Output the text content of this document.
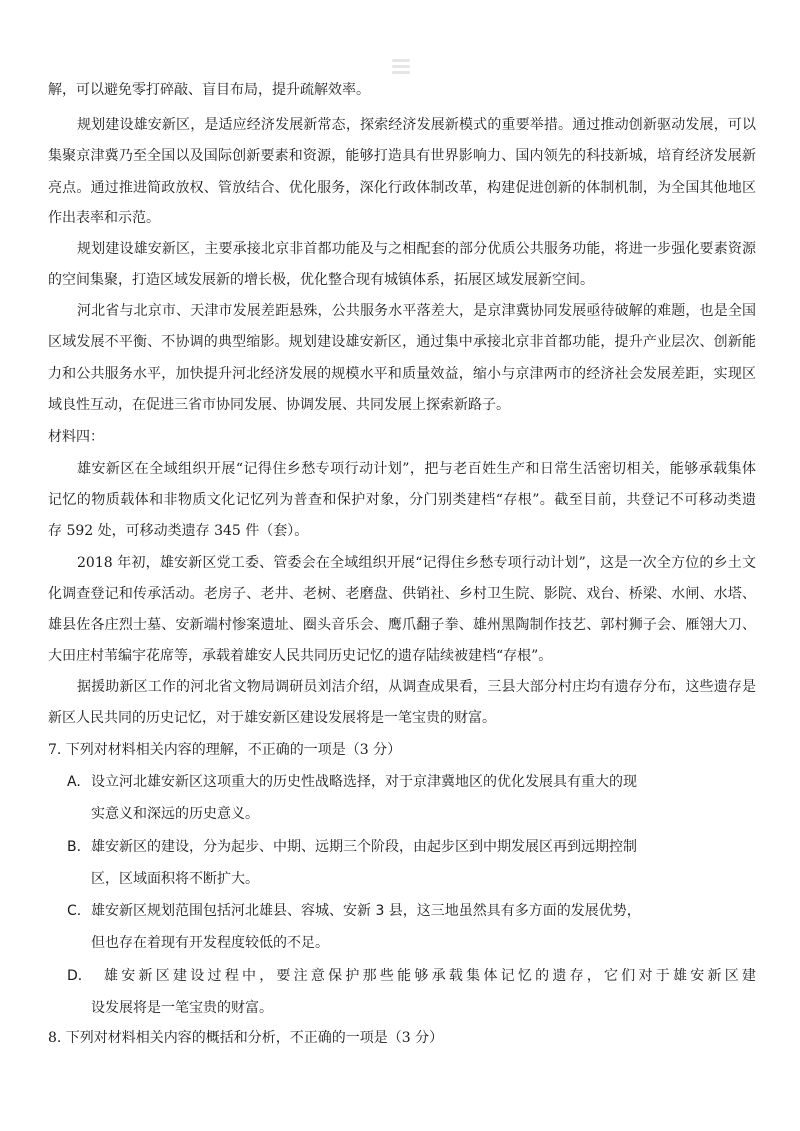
解，可以避免零打碎敲、盲目布局，提升疏解效率。
规划建设雄安新区，是适应经济发展新常态，探索经济发展新模式的重要举措。通过推动创新驱动发展，可以
集聚京津冀乃至全国以及国际创新要素和资源，能够打造具有世界影响力、国内领先的科技新城，培育经济发展新
亮点。通过推进简政放权、管放结合、优化服务，深化行政体制改革，构建促进创新的体制机制，为全国其他地区
作出表率和示范。
规划建设雄安新区，主要承接北京非首都功能及与之相配套的部分优质公共服务功能，将进一步强化要素资源
的空间集聚，打造区域发展新的增长极，优化整合现有城镇体系，拓展区域发展新空间。
河北省与北京市、天津市发展差距悬殊，公共服务水平落差大，是京津冀协同发展亟待破解的难题，也是全国
区域发展不平衡、不协调的典型缩影。规划建设雄安新区，通过集中承接北京非首都功能，提升产业层次、创新能
力和公共服务水平，加快提升河北经济发展的规模水平和质量效益，缩小与京津两市的经济社会发展差距，实现区
域良性互动，在促进三省市协同发展、协调发展、共同发展上探索新路子。
材料四：
雄安新区在全域组织开展“记得住乡愁专项行动计划”，把与老百姓生产和日常生活密切相关，能够承载集体
记忆的物质载体和非物质文化记忆列为普查和保护对象，分门别类建档“存根”。截至目前，共登记不可移动类遗
存 592 处，可移动类遗存 345 件（套）。
2018 年初，雄安新区党工委、管委会在全域组织开展“记得住乡愁专项行动计划”，这是一次全方位的乡土文
化调查登记和传承活动。老房子、老井、老树、老磨盘、供销社、乡村卫生院、影院、戏台、桥梁、水闸、水塔、
雄县佐各庄烈士墓、安新端村惨案遗址、圈头音乐会、鹰爪翻子拳、雄州黑陶制作技艺、郭村狮子会、雁翎大刀、
大田庄村苇编宇花席等，承载着雄安人民共同历史记忆的遗存陆续被建档“存根”。
据援助新区工作的河北省文物局调研员刘洁介绍，从调查成果看，三县大部分村庄均有遗存分布，这些遗存是
新区人民共同的历史记忆，对于雄安新区建设发展将是一笔宝贵的财富。
7. 下列对材料相关内容的理解，不正确的一项是（3 分）
A. 设立河北雄安新区这项重大的历史性战略选择，对于京津冀地区的优化发展具有重大的现
实意义和深远的历史意义。
B. 雄安新区的建设，分为起步、中期、远期三个阶段，由起步区到中期发展区再到远期控制
区，区域面积将不断扩大。
C. 雄安新区规划范围包括河北雄县、容城、安新 3 县，这三地虽然具有多方面的发展优势，
但也存在着现有开发程度较低的不足。
D． 雄安新区建设过程中，要注意保护那些能够承载集体记忆的遗存，它们对于雄安新区建
设发展将是一笔宝贵的财富。
8. 下列对材料相关内容的概括和分析，不正确的一项是（3 分）
